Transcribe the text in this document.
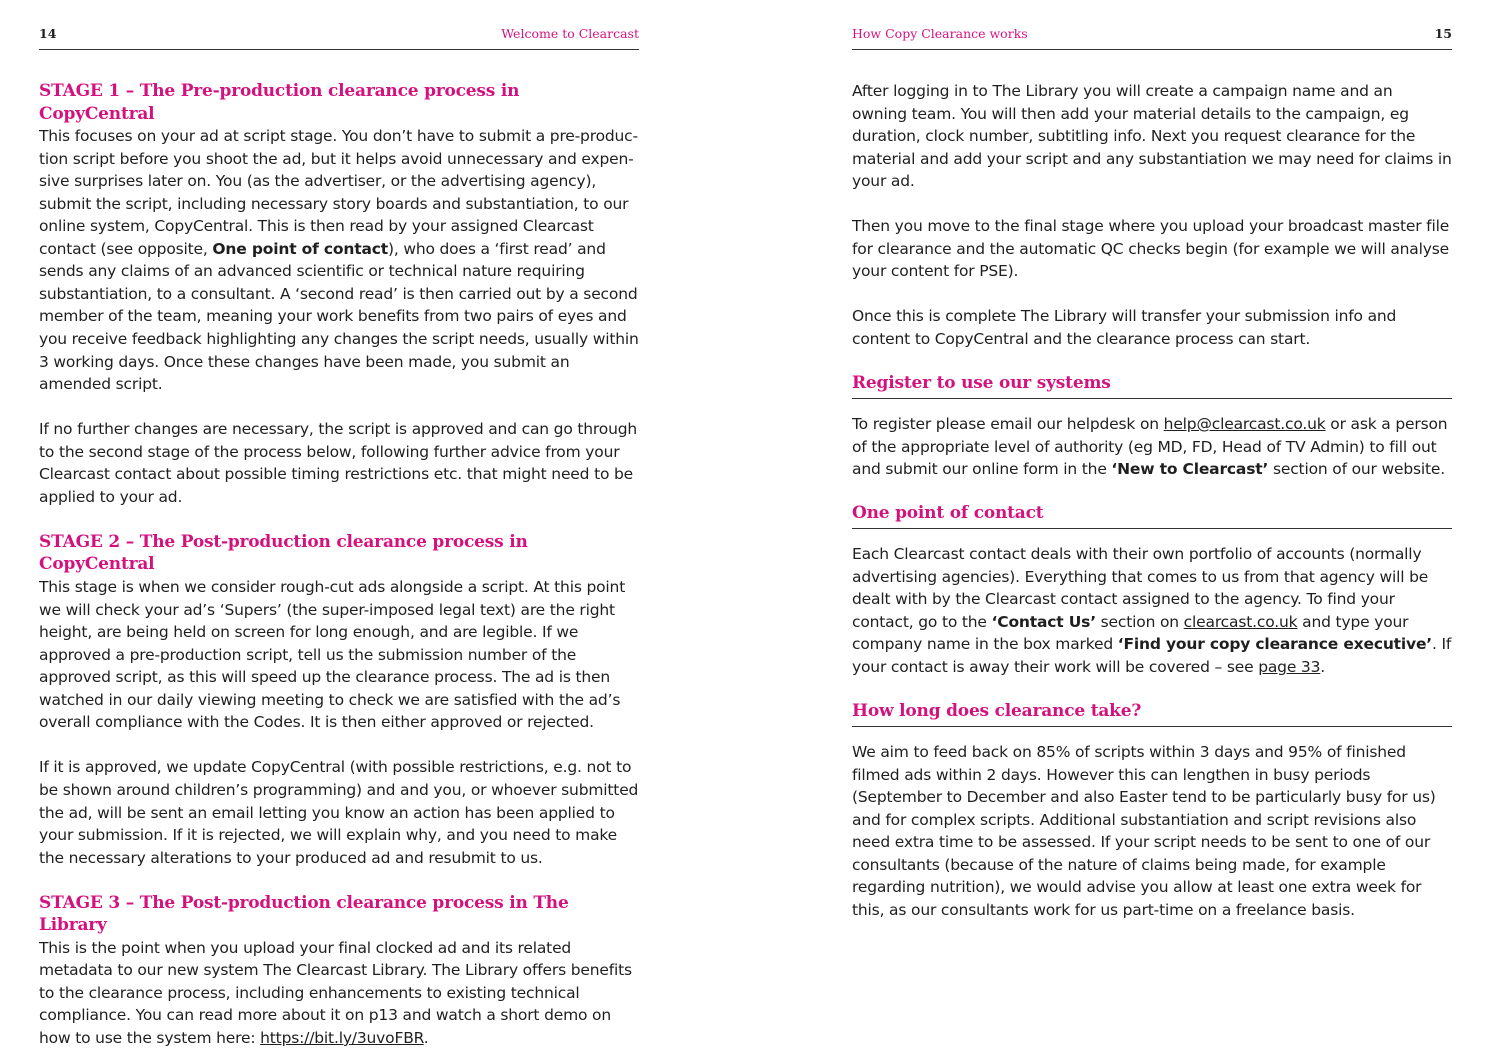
14	Welcome to Clearcast
STAGE 1 – The Pre-production clearance process in CopyCentral

This focuses on your ad at script stage. You don’t have to submit a pre-produc-tion script before you shoot the ad, but it helps avoid unnecessary and expen-sive surprises later on. You (as the advertiser, or the advertising agency), submit the script, including necessary story boards and substantiation, to our online system, CopyCentral. This is then read by your assigned Clearcast contact (see opposite, One point of contact), who does a ‘first read’ and sends any claims of an advanced scientific or technical nature requiring substantiation, to a consultant. A ‘second read’ is then carried out by a second member of the team, meaning your work benefits from two pairs of eyes and you receive feedback highlighting any changes the script needs, usually within 3 working days. Once these changes have been made, you submit an amended script.

If no further changes are necessary, the script is approved and can go through to the second stage of the process below, following further advice from your Clearcast contact about possible timing restrictions etc. that might need to be applied to your ad.

STAGE 2 – The Post-production clearance process in CopyCentral

This stage is when we consider rough-cut ads alongside a script. At this point we will check your ad’s ‘Supers’ (the super-imposed legal text) are the right height, are being held on screen for long enough, and are legible. If we approved a pre-production script, tell us the submission number of the approved script, as this will speed up the clearance process. The ad is then watched in our daily viewing meeting to check we are satisfied with the ad’s overall compliance with the Codes. It is then either approved or rejected.

If it is approved, we update CopyCentral (with possible restrictions, e.g. not to be shown around children’s programming) and and you, or whoever submitted the ad, will be sent an email letting you know an action has been applied to your submission. If it is rejected, we will explain why, and you need to make the necessary alterations to your produced ad and resubmit to us.

STAGE 3 – The Post-production clearance process in The Library

This is the point when you upload your final clocked ad and its related metadata to our new system The Clearcast Library. The Library offers benefits to the clearance process, including enhancements to existing technical compliance. You can read more about it on p13 and watch a short demo on how to use the system here: https://bit.ly/3uvoFBR.

How Copy Clearance works	15

After logging in to The Library you will create a campaign name and an owning team. You will then add your material details to the campaign, eg duration, clock number, subtitling info. Next you request clearance for the material and add your script and any substantiation we may need for claims in your ad.

Then you move to the final stage where you upload your broadcast master file for clearance and the automatic QC checks begin (for example we will analyse your content for PSE).

Once this is complete The Library will transfer your submission info and content to CopyCentral and the clearance process can start.

Register to use our systems

To register please email our helpdesk on help@clearcast.co.uk or ask a person of the appropriate level of authority (eg MD, FD, Head of TV Admin) to fill out and submit our online form in the ‘New to Clearcast’ section of our website.

One point of contact

Each Clearcast contact deals with their own portfolio of accounts (normally advertising agencies). Everything that comes to us from that agency will be dealt with by the Clearcast contact assigned to the agency. To find your contact, go to the ‘Contact Us’ section on clearcast.co.uk and type your company name in the box marked ‘Find your copy clearance executive’. If your contact is away their work will be covered – see page 33.

How long does clearance take?

We aim to feed back on 85% of scripts within 3 days and 95% of finished filmed ads within 2 days. However this can lengthen in busy periods (September to December and also Easter tend to be particularly busy for us) and for complex scripts. Additional substantiation and script revisions also need extra time to be assessed. If your script needs to be sent to one of our consultants (because of the nature of claims being made, for example regarding nutrition), we would advise you allow at least one extra week for this, as our consultants work for us part-time on a freelance basis.
